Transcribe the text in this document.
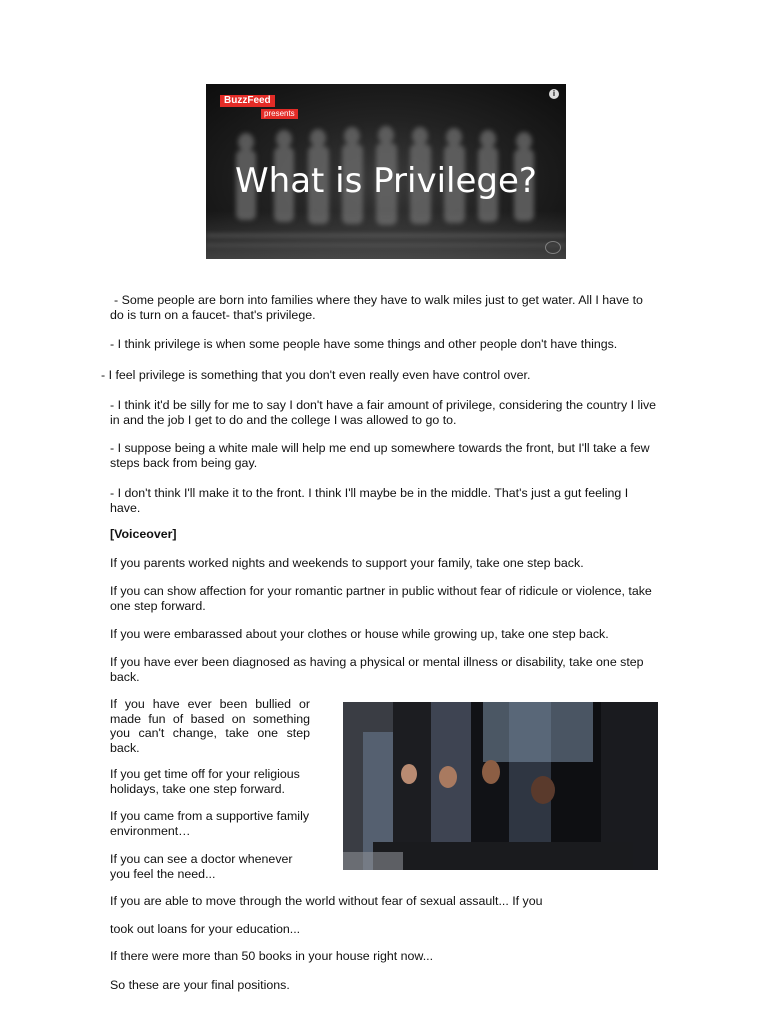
BuzzFeed
presents
i
What is Privilege?

- Some people are born into families where they have to walk miles just to get water. All I have to do is turn on a faucet- that's privilege.

- I think privilege is when some people have some things and other people don't have things.

- I feel privilege is something that you don't even really even have control over.

- I think it'd be silly for me to say I don't have a fair amount of privilege, considering the country I live in and the job I get to do and the college I was allowed to go to.

- I suppose being a white male will help me end up somewhere towards the front, but I'll take a few steps back from being gay.

- I don't think I'll make it to the front. I think I'll maybe be in the middle. That's just a gut feeling I have.

[Voiceover]

If you parents worked nights and weekends to support your family, take one step back.

If you can show affection for your romantic partner in public without fear of ridicule or violence, take one step forward.

If you were embarassed about your clothes or house while growing up, take one step back.

If you have ever been diagnosed as having a physical or mental illness or disability, take one step back.

If you have ever been bullied or made fun of based on something you can't change, take one step back.

If you get time off for your religious holidays, take one step forward.

If you came from a supportive family environment…

If you can see a doctor whenever you feel the need...

If you are able to move through the world without fear of sexual assault... If you

took out loans for your education...

If there were more than 50 books in your house right now...

So these are your final positions.
